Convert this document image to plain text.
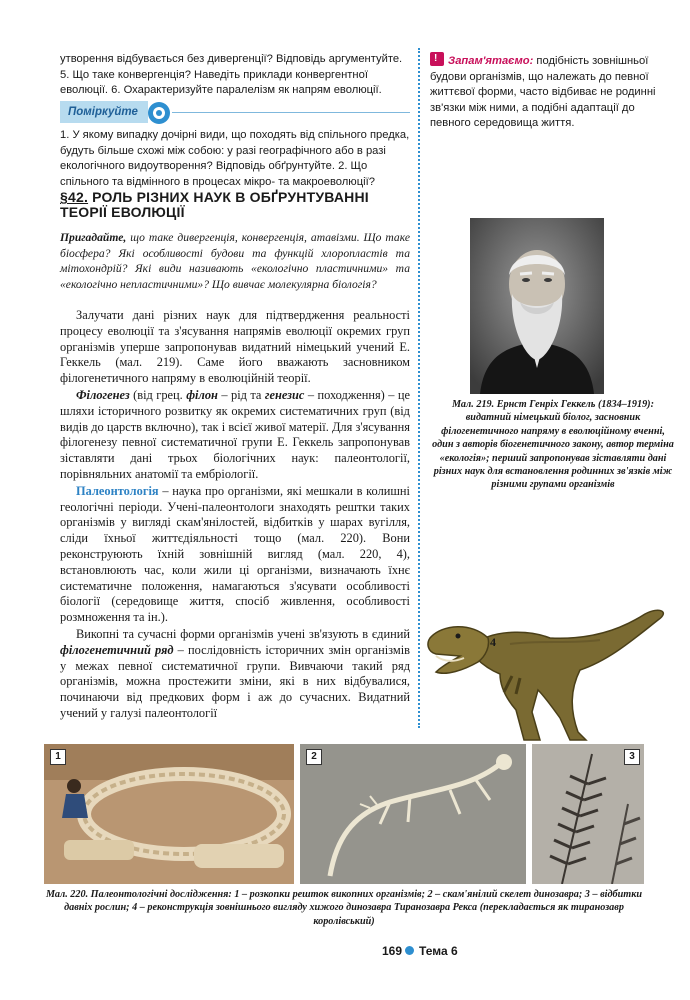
утворення відбувається без дивергенції? Відповідь аргументуйте. 5. Що таке конвергенція? Наведіть приклади конвергентної еволюції. 6. Охарактеризуйте паралелізм як напрям еволюції.
Поміркуйте
1. У якому випадку дочірні види, що походять від спільного предка, будуть більше схожі між собою: у разі географічного або в разі екологічного видоутворення? Відповідь обґрунтуйте. 2. Що спільного та відмінного в процесах мікро- та макроеволюції?
§42. РОЛЬ РІЗНИХ НАУК В ОБҐРУНТУВАННІ ТЕОРІЇ ЕВОЛЮЦІЇ
Пригадайте, що таке дивергенція, конвергенція, атавізми. Що таке біосфера? Які особливості будови та функцій хлоропластів та мітохондрій? Які види називають «екологічно пластичними» та «екологічно непластичними»? Що вивчає молекулярна біологія?

Залучати дані різних наук для підтвердження реальності процесу еволюції та з'ясування напрямів еволюції окремих груп організмів уперше запропонував видатний німецький учений Е. Геккель (мал. 219). Саме його вважають засновником філогенетичного напряму в еволюційній теорії.

Філогенез (від грец. філон – рід та генезис – походження) – це шляхи історичного розвитку як окремих систематичних груп (від видів до царств включно), так і всієї живої матерії. Для з'ясування філогенезу певної систематичної групи Е. Геккель запропонував зіставляти дані трьох біологічних наук: палеонтології, порівняльних анатомії та ембріології.

Палеонтологія – наука про організми, які мешкали в колишні геологічні періоди. Учені-палеонтологи знаходять рештки таких організмів у вигляді скам'янілостей, відбитків у шарах вугілля, сліди їхньої життєдіяльності тощо (мал. 220). Вони реконструюють їхній зовнішній вигляд (мал. 220, 4), встановлюють час, коли жили ці організми, визначають їхнє систематичне положення, намагаються з'ясувати особливості біології (середовище життя, спосіб живлення, особливості розмноження та ін.).

Викопні та сучасні форми організмів учені зв'язують в єдиний філогенетичний ряд – послідовність історичних змін організмів у межах певної систематичної групи. Вивчаючи такий ряд організмів, можна простежити зміни, які в них відбувалися, починаючи від предкових форм і аж до сучасних. Видатний учений у галузі палеонтології

! Запам'ятаємо: подібність зовнішньої будови організмів, що належать до певної життєвої форми, часто відбиває не родинні зв'язки між ними, а подібні адаптації до певного середовища життя.
Мал. 219. Ернст Генріх Геккель (1834–1919): видатний німецький біолог, засновник філогенетичного напряму в еволюційному вченні, один з авторів біогенетичного закону, автор терміна «екологія»; перший запропонував зіставляти дані різних наук для встановлення родинних зв'язків між різними групами організмів
4
1	2	3
Мал. 220. Палеонтологічні дослідження: 1 – розкопки решток викопних організмів; 2 – скам'янілий скелет динозавра; 3 – відбитки давніх рослин; 4 – реконструкція зовнішнього вигляду хижого динозавра Тиранозавра Рекса (перекладається як тиранозавр королівський)
169 Тема 6
